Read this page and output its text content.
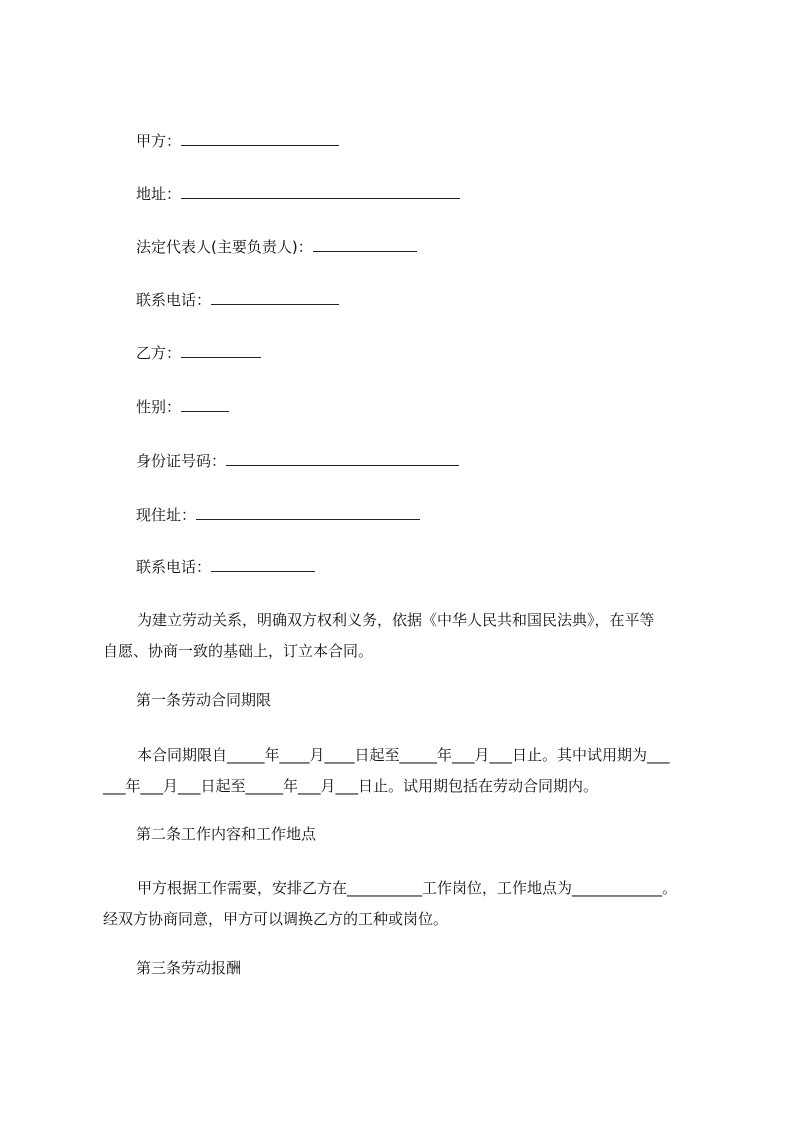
甲方：
地址：
法定代表人(主要负责人)：
联系电话：
乙方：
性别：
身份证号码：
现住址：
联系电话：
为建立劳动关系，明确双方权利义务，依据《中华人民共和国民法典》，在平等
自愿、协商一致的基础上，订立本合同。
第一条劳动合同期限
本合同期限自_____年____月____日起至_____年___月___日止。其中试用期为___
___年___月___日起至_____年___月___日止。试用期包括在劳动合同期内。
第二条工作内容和工作地点
甲方根据工作需要，安排乙方在__________工作岗位，工作地点为____________。
经双方协商同意，甲方可以调换乙方的工种或岗位。
第三条劳动报酬
